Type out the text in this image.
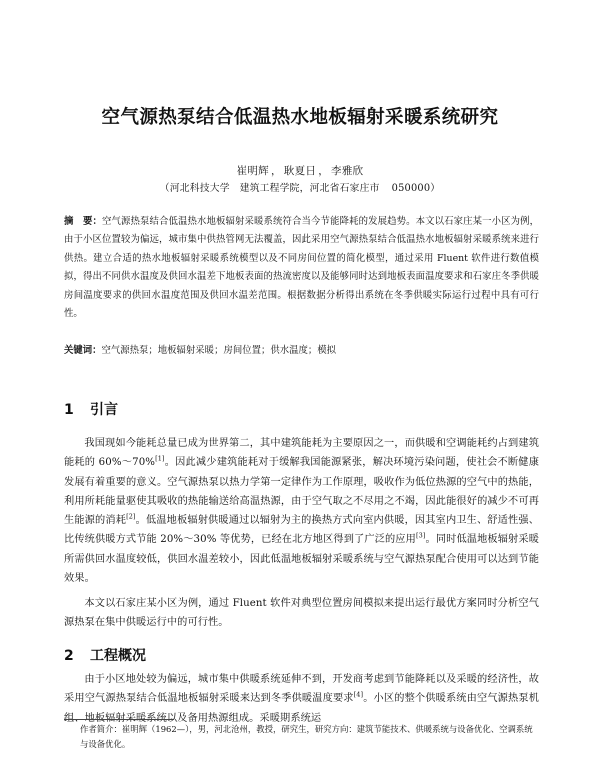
空气源热泵结合低温热水地板辐射采暖系统研究
崔明辉 ， 耿夏日 ， 李雅欣
（河北科技大学　建筑工程学院，河北省石家庄市 050000）

摘　要：空气源热泵结合低温热水地板辐射采暖系统符合当今节能降耗的发展趋势。本文以石家庄某一小区为例，由于小区位置较为偏远，城市集中供热管网无法覆盖，因此采用空气源热泵结合低温热水地板辐射采暖系统来进行供热。建立合适的热水地板辐射采暖系统模型以及不同房间位置的简化模型，通过采用 Fluent 软件进行数值模拟，得出不同供水温度及供回水温差下地板表面的热流密度以及能够同时达到地板表面温度要求和石家庄冬季供暖房间温度要求的供回水温度范围及供回水温差范围。根据数据分析得出系统在冬季供暖实际运行过程中具有可行性。

关键词：空气源热泵 ； 地板辐射采暖 ； 房间位置 ； 供水温度 ； 模拟

1 引言

我国现如今能耗总量已成为世界第二，其中建筑能耗为主要原因之一，而供暖和空调能耗约占到建筑能耗的 60%～70%[1]。因此减少建筑能耗对于缓解我国能源紧张，解决环境污染问题，使社会不断健康发展有着重要的意义。空气源热泵以热力学第一定律作为工作原理，吸收作为低位热源的空气中的热能，利用所耗能量驱使其吸收的热能输送给高温热源，由于空气取之不尽用之不竭，因此能很好的减少不可再生能源的消耗[2]。低温地板辐射供暖通过以辐射为主的换热方式向室内供暖，因其室内卫生、舒适性强、比传统供暖方式节能 20%～30% 等优势，已经在北方地区得到了广泛的应用[3]。同时低温地板辐射采暖所需供回水温度较低，供回水温差较小，因此低温地板辐射采暖系统与空气源热泵配合使用可以达到节能效果。

本文以石家庄某小区为例，通过 Fluent 软件对典型位置房间模拟来提出运行最优方案同时分析空气源热泵在集中供暖运行中的可行性。

2 工程概况

由于小区地处较为偏远，城市集中供暖系统延伸不到，开发商考虑到节能降耗以及采暖的经济性，故采用空气源热泵结合低温地板辐射采暖来达到冬季供暖温度要求[4]。小区的整个供暖系统由空气源热泵机组、地板辐射采暖系统以及备用热源组成。采暖期系统运

作者简介：崔明辉（1962—），男，河北沧州，教授，研究生，研究方向：建筑节能技术、供暖系统与设备优化、空调系统与设备优化。
